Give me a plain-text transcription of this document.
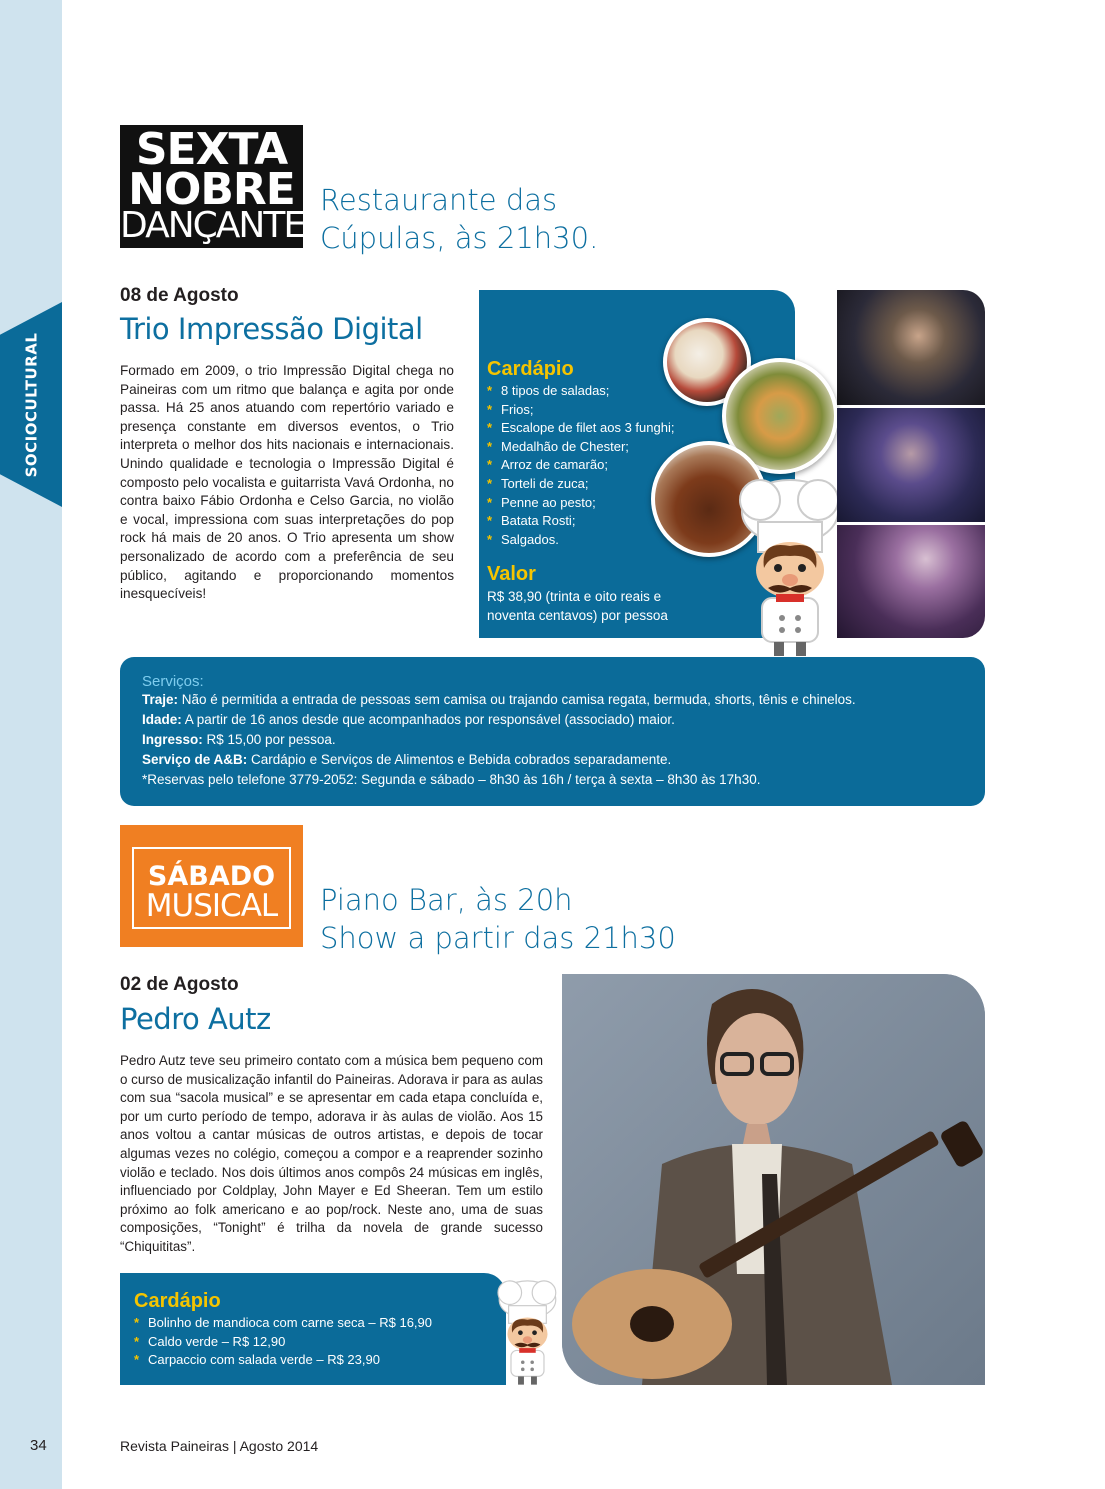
SOCIOCULTURAL
SEXTA
NOBRE
DANÇANTE
Restaurante das
Cúpulas, às 21h30.
08 de Agosto
Trio Impressão Digital
Formado em 2009, o trio Impressão Digital chega no Paineiras com um ritmo que balança e agita por onde passa. Há 25 anos atuando com repertório variado e presença constante em diversos eventos, o Trio interpreta o melhor dos hits nacionais e internacionais. Unindo qualidade e tecnologia o Impressão Digital é composto pelo vocalista e guitarrista Vavá Ordonha, no contra baixo Fábio Ordonha e Celso Garcia, no violão e vocal, impressiona com suas interpretações do pop rock há mais de 20 anos. O Trio apresenta um show personalizado de acordo com a preferência de seu público, agitando e proporcionando momentos inesquecíveis!
Cardápio
* 8 tipos de saladas;
* Frios;
* Escalope de filet aos 3 funghi;
* Medalhão de Chester;
* Arroz de camarão;
* Torteli de zuca;
* Penne ao pesto;
* Batata Rosti;
* Salgados.
Valor
R$ 38,90 (trinta e oito reais e
noventa centavos) por pessoa
Serviços:
Traje: Não é permitida a entrada de pessoas sem camisa ou trajando camisa regata, bermuda, shorts, tênis e chinelos.
Idade: A partir de 16 anos desde que acompanhados por responsável (associado) maior.
Ingresso: R$ 15,00 por pessoa.
Serviço de A&B: Cardápio e Serviços de Alimentos e Bebida cobrados separadamente.
*Reservas pelo telefone 3779-2052: Segunda e sábado – 8h30 às 16h / terça à sexta – 8h30 às 17h30.
SÁBADO
MUSICAL	Piano Bar, às 20h
Show a partir das 21h30
02 de Agosto
Pedro Autz
Pedro Autz teve seu primeiro contato com a música bem pequeno com o curso de musicalização infantil do Paineiras. Adorava ir para as aulas com sua “sacola musical” e se apresentar em cada etapa concluída e, por um curto período de tempo, adorava ir às aulas de violão. Aos 15 anos voltou a cantar músicas de outros artistas, e depois de tocar algumas vezes no colégio, começou a compor e a reaprender sozinho violão e teclado. Nos dois últimos anos compôs 24 músicas em inglês, influenciado por Coldplay, John Mayer e Ed Sheeran. Tem um estilo próximo ao folk americano e ao pop/rock. Neste ano, uma de suas composições, “Tonight” é trilha da novela de grande sucesso “Chiquititas”.
Cardápio
* Bolinho de mandioca com carne seca – R$ 16,90
* Caldo verde – R$ 12,90
* Carpaccio com salada verde – R$ 23,90
34	Revista Paineiras | Agosto 2014
